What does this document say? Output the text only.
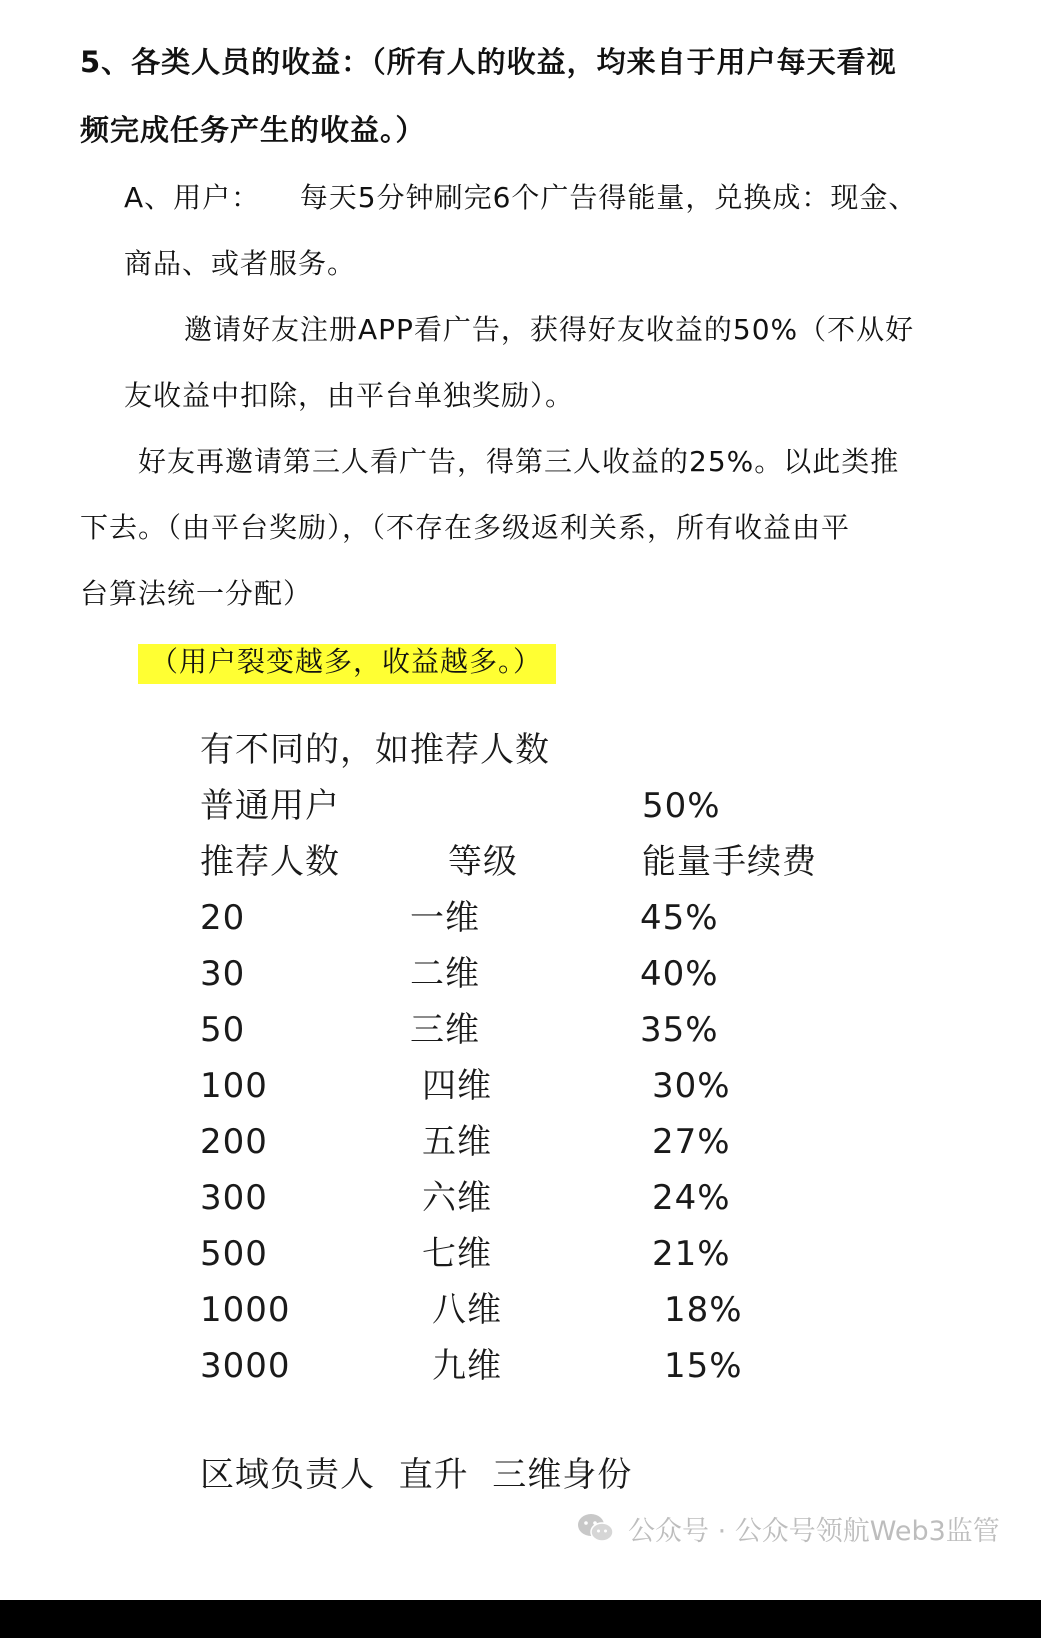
5、各类人员的收益：（所有人的收益，均来自于用户每天看视
频完成任务产生的收益。）
A、用户：    每天5分钟刷完6个广告得能量，兑换成：现金、
商品、或者服务。
邀请好友注册APP看广告，获得好友收益的50%（不从好
友收益中扣除，由平台单独奖励）。
好友再邀请第三人看广告，得第三人收益的25%。以此类推
下去。（由平台奖励），（不存在多级返利关系，所有收益由平
台算法统一分配）
（用户裂变越多，收益越多。）
有不同的，如推荐人数
普通用户	50%
推荐人数	等级	能量手续费
20	一维	45%
30	二维	40%
50	三维	35%
100	四维	30%
200	五维	27%
300	六维	24%
500	七维	21%
1000	八维	18%
3000	九维	15%
区域负责人  直升  三维身份
公众号 · 公众号领航Web3监管
